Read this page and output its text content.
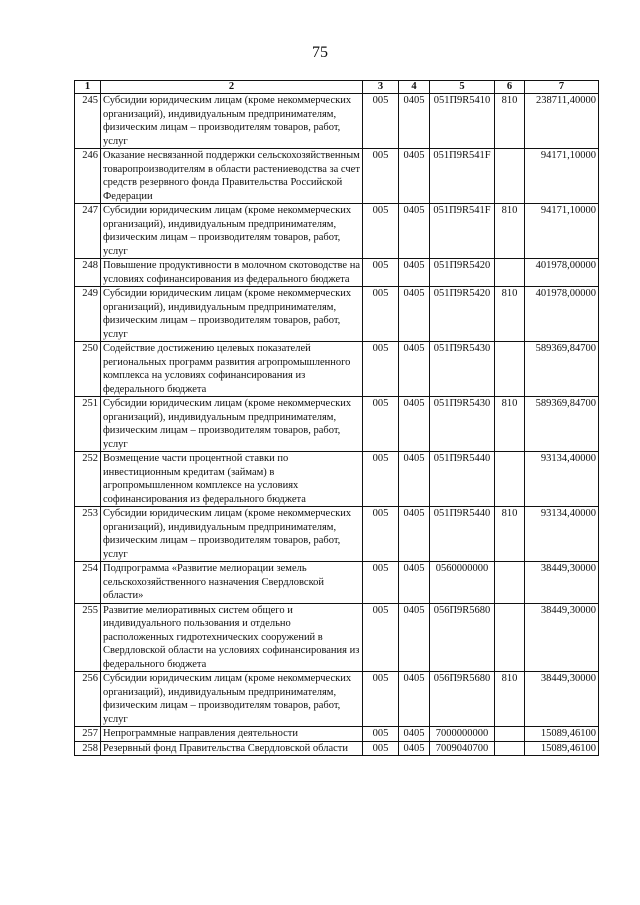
75
1	2	3	4	5	6	7
245	Субсидии юридическим лицам (кроме некоммерческих организаций), индивидуальным предпринимателям, физическим лицам – производителям товаров, работ, услуг	005	0405	051П9R5410	810	238711,40000
246	Оказание несвязанной поддержки сельскохозяйственным товаропроизводителям в области растениеводства за счет средств резервного фонда Правительства Российской Федерации	005	0405	051П9R541F		94171,10000
247	Субсидии юридическим лицам (кроме некоммерческих организаций), индивидуальным предпринимателям, физическим лицам – производителям товаров, работ, услуг	005	0405	051П9R541F	810	94171,10000
248	Повышение продуктивности в молочном скотоводстве на условиях софинансирования из федерального бюджета	005	0405	051П9R5420		401978,00000
249	Субсидии юридическим лицам (кроме некоммерческих организаций), индивидуальным предпринимателям, физическим лицам – производителям товаров, работ, услуг	005	0405	051П9R5420	810	401978,00000
250	Содействие достижению целевых показателей региональных программ развития агропромышленного комплекса на условиях софинансирования из федерального бюджета	005	0405	051П9R5430		589369,84700
251	Субсидии юридическим лицам (кроме некоммерческих организаций), индивидуальным предпринимателям, физическим лицам – производителям товаров, работ, услуг	005	0405	051П9R5430	810	589369,84700
252	Возмещение части процентной ставки по инвестиционным кредитам (займам) в агропромышленном комплексе на условиях софинансирования из федерального бюджета	005	0405	051П9R5440		93134,40000
253	Субсидии юридическим лицам (кроме некоммерческих организаций), индивидуальным предпринимателям, физическим лицам – производителям товаров, работ, услуг	005	0405	051П9R5440	810	93134,40000
254	Подпрограмма «Развитие мелиорации земель сельскохозяйственного назначения Свердловской области»	005	0405	0560000000		38449,30000
255	Развитие мелиоративных систем общего и индивидуального пользования и отдельно расположенных гидротехнических сооружений в Свердловской области на условиях софинансирования из федерального бюджета	005	0405	056П9R5680		38449,30000
256	Субсидии юридическим лицам (кроме некоммерческих организаций), индивидуальным предпринимателям, физическим лицам – производителям товаров, работ, услуг	005	0405	056П9R5680	810	38449,30000
257	Непрограммные направления деятельности	005	0405	7000000000		15089,46100
258	Резервный фонд Правительства Свердловской области	005	0405	7009040700		15089,46100
